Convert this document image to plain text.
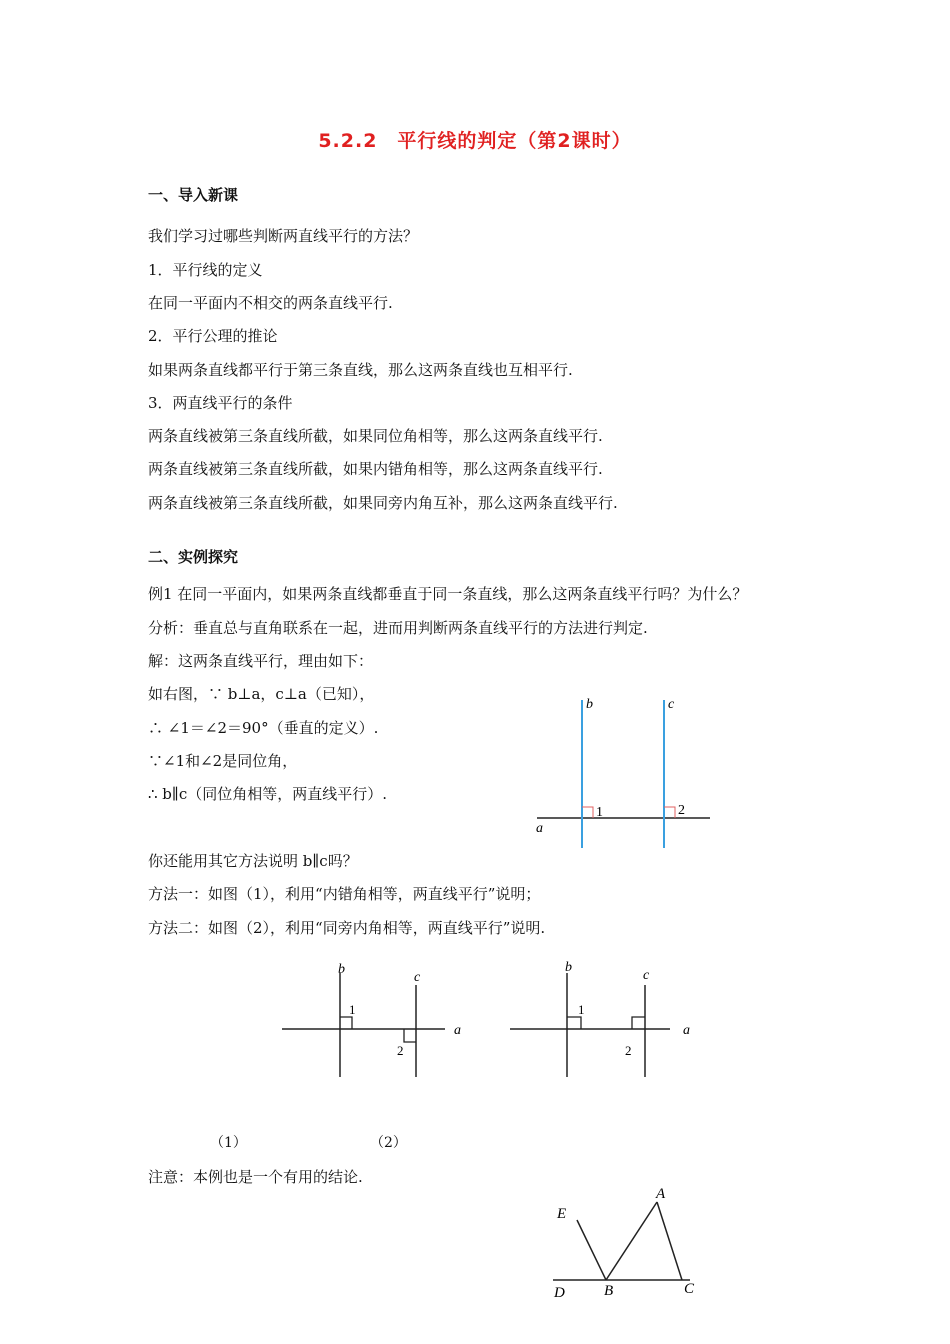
5.2.2　平行线的判定（第2课时）
一、导入新课
我们学习过哪些判断两直线平行的方法？
1．平行线的定义
在同一平面内不相交的两条直线平行.
2．平行公理的推论
如果两条直线都平行于第三条直线，那么这两条直线也互相平行.
3．两直线平行的条件
两条直线被第三条直线所截，如果同位角相等，那么这两条直线平行.
两条直线被第三条直线所截，如果内错角相等，那么这两条直线平行.
两条直线被第三条直线所截，如果同旁内角互补，那么这两条直线平行.
二、实例探究
例1 在同一平面内，如果两条直线都垂直于同一条直线，那么这两条直线平行吗？为什么？
分析：垂直总与直角联系在一起，进而用判断两条直线平行的方法进行判定.
解：这两条直线平行，理由如下：
如右图，∵ b⊥a，c⊥a（已知），
∴ ∠1＝∠2＝90°（垂直的定义）.
∵∠1和∠2是同位角，
∴ b∥c（同位角相等，两直线平行）.
b	c
a
1	2
你还能用其它方法说明 b∥c吗？
方法一：如图（1），利用“内错角相等，两直线平行”说明；
方法二：如图（2），利用“同旁内角相等，两直线平行”说明.
b
c
a
1
2
b
c
a
1
2
（1）	（2）
注意：本例也是一个有用的结论.
A
E
D	B	C
